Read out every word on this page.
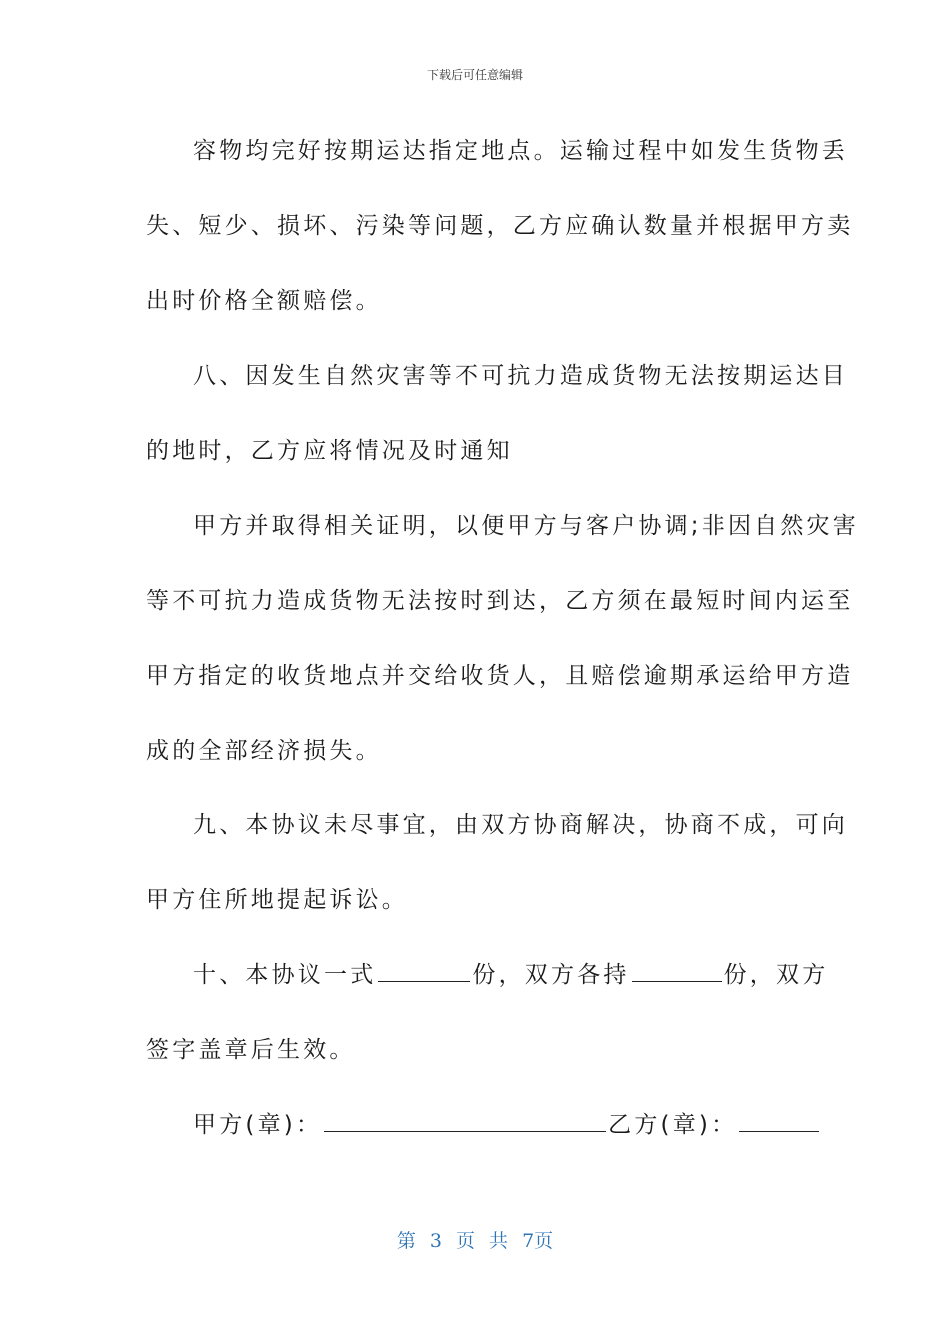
下载后可任意编辑
容物均完好按期运达指定地点。运输过程中如发生货物丢
失、短少、损坏、污染等问题，乙方应确认数量并根据甲方卖
出时价格全额赔偿。
八、因发生自然灾害等不可抗力造成货物无法按期运达目
的地时，乙方应将情况及时通知
甲方并取得相关证明，以便甲方与客户协调;非因自然灾害
等不可抗力造成货物无法按时到达，乙方须在最短时间内运至
甲方指定的收货地点并交给收货人，且赔偿逾期承运给甲方造
成的全部经济损失。
九、本协议未尽事宜，由双方协商解决，协商不成，可向
甲方住所地提起诉讼。
十、本协议一式	份，双方各持	份，双方
签字盖章后生效。
甲方(章)：	乙方(章)：
第 3 页 共 7页
